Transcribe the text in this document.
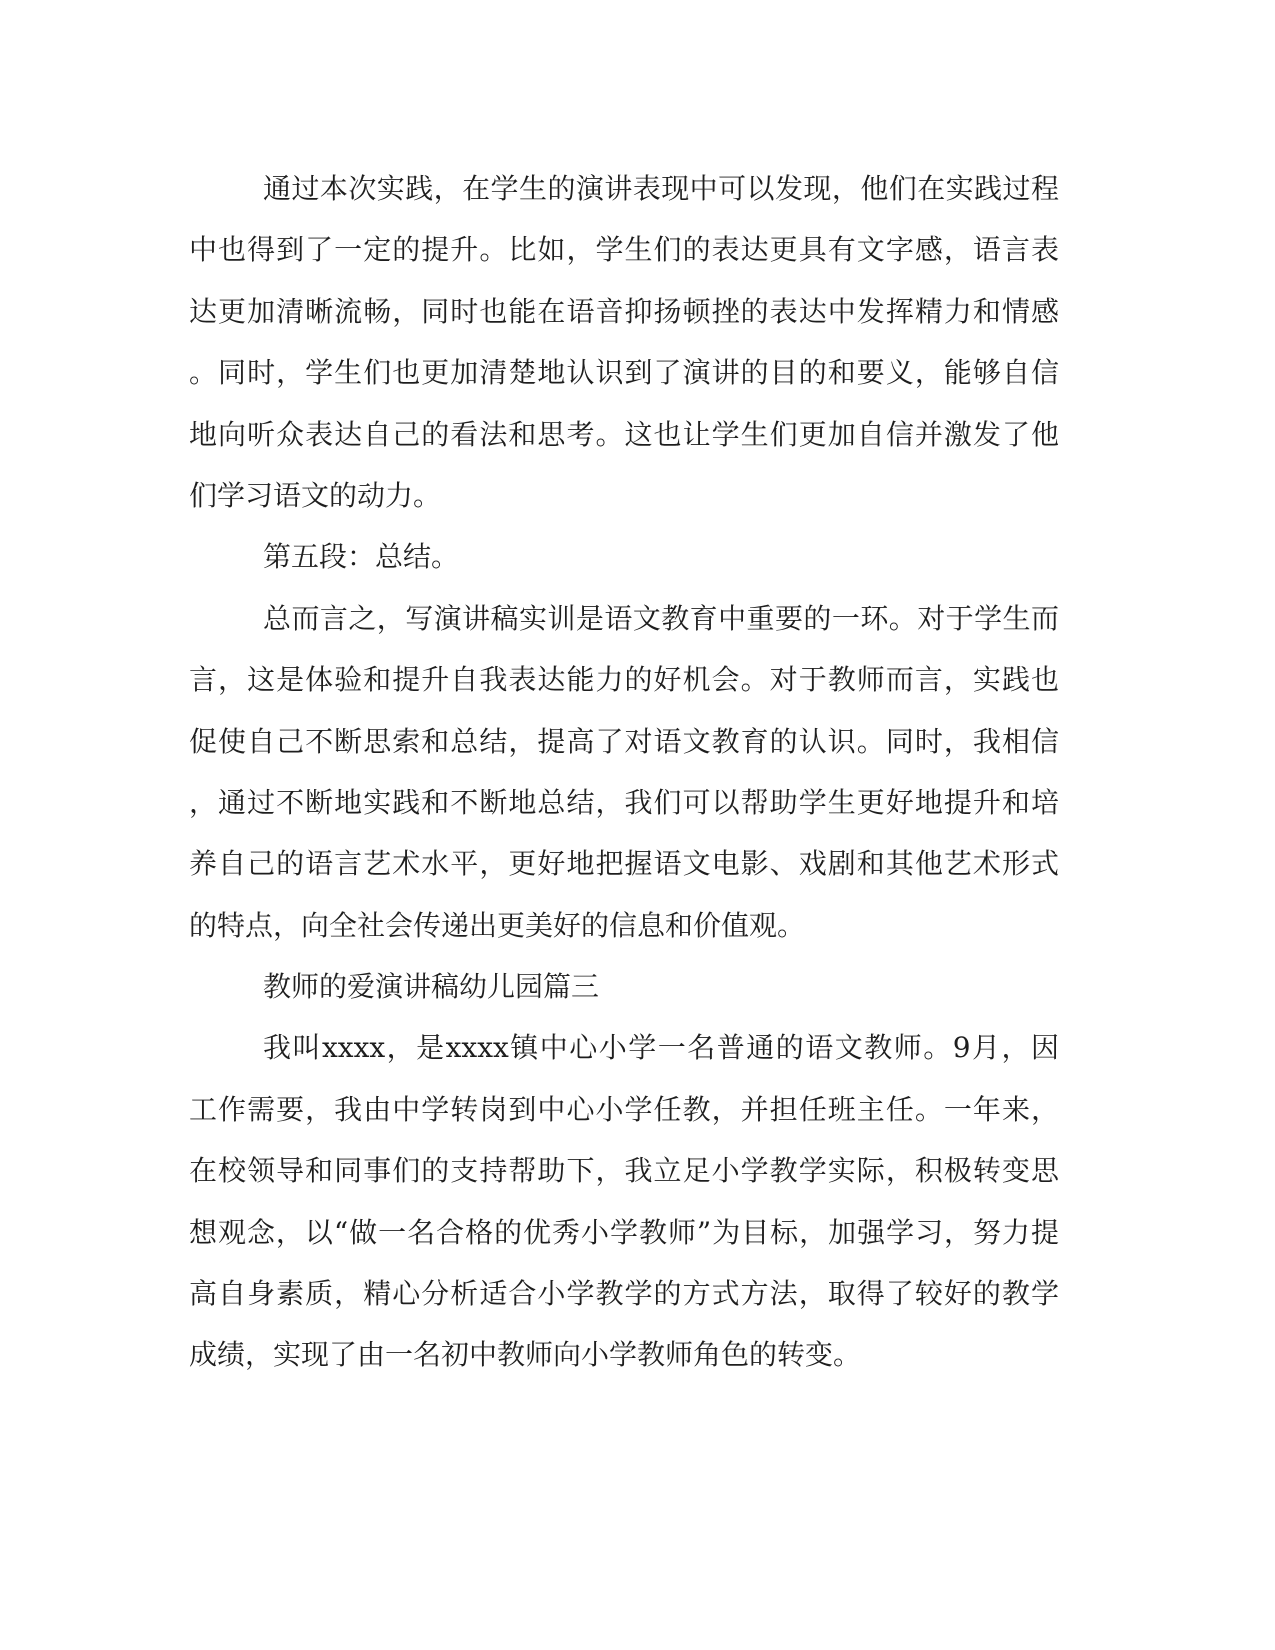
通过本次实践，在学生的演讲表现中可以发现，他们在实践过程
中也得到了一定的提升。比如，学生们的表达更具有文字感，语言表
达更加清晰流畅，同时也能在语音抑扬顿挫的表达中发挥精力和情感
。同时，学生们也更加清楚地认识到了演讲的目的和要义，能够自信
地向听众表达自己的看法和思考。这也让学生们更加自信并激发了他
们学习语文的动力。
第五段：总结。
总而言之，写演讲稿实训是语文教育中重要的一环。对于学生而
言，这是体验和提升自我表达能力的好机会。对于教师而言，实践也
促使自己不断思索和总结，提高了对语文教育的认识。同时，我相信
，通过不断地实践和不断地总结，我们可以帮助学生更好地提升和培
养自己的语言艺术水平，更好地把握语文电影、戏剧和其他艺术形式
的特点，向全社会传递出更美好的信息和价值观。
教师的爱演讲稿幼儿园篇三
我叫xxxx，是xxxx镇中心小学一名普通的语文教师。9月，因
工作需要，我由中学转岗到中心小学任教，并担任班主任。一年来，
在校领导和同事们的支持帮助下，我立足小学教学实际，积极转变思
想观念，以“做一名合格的优秀小学教师”为目标，加强学习，努力提
高自身素质，精心分析适合小学教学的方式方法，取得了较好的教学
成绩，实现了由一名初中教师向小学教师角色的转变。
